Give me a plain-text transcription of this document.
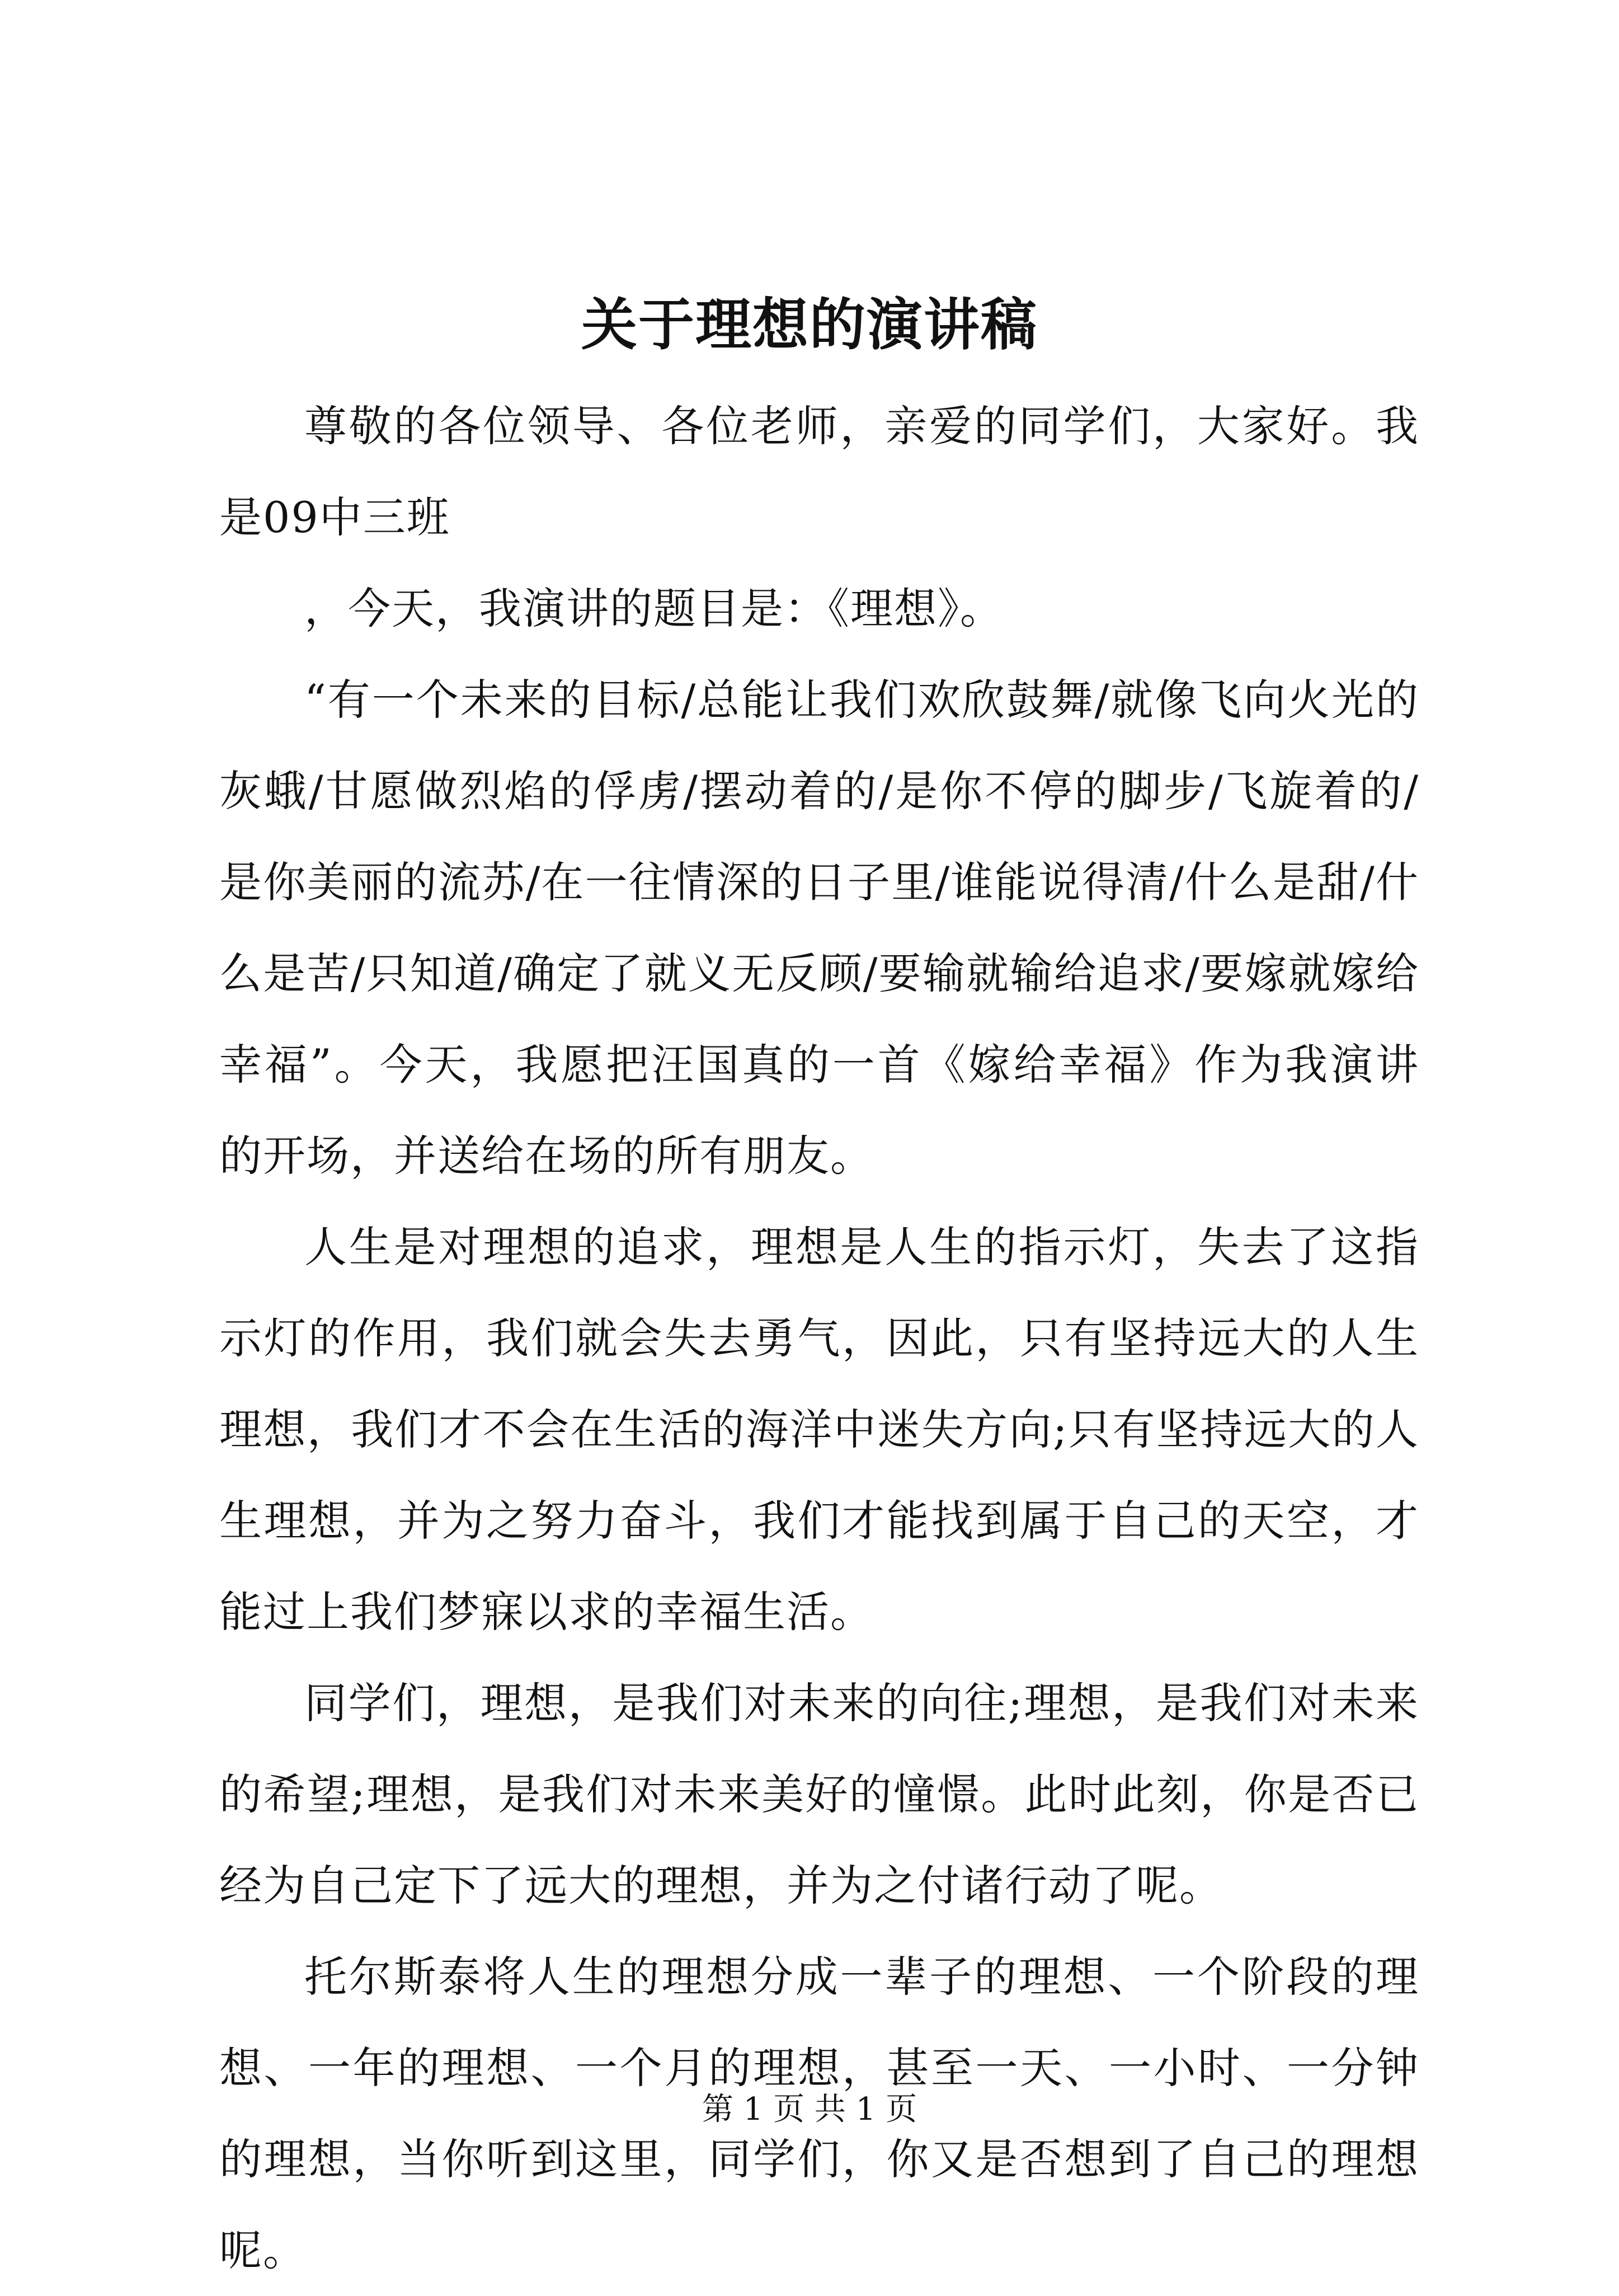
关于理想的演讲稿

尊敬的各位领导、各位老师，亲爱的同学们，大家好。我是09中三班

，今天，我演讲的题目是：《理想》。

“有一个未来的目标/总能让我们欢欣鼓舞/就像飞向火光的灰蛾/甘愿做烈焰的俘虏/摆动着的/是你不停的脚步/飞旋着的/是你美丽的流苏/在一往情深的日子里/谁能说得清/什么是甜/什么是苦/只知道/确定了就义无反顾/要输就输给追求/要嫁就嫁给幸福”。今天，我愿把汪国真的一首《嫁给幸福》作为我演讲的开场，并送给在场的所有朋友。

人生是对理想的追求，理想是人生的指示灯，失去了这指示灯的作用，我们就会失去勇气，因此，只有坚持远大的人生理想，我们才不会在生活的海洋中迷失方向;只有坚持远大的人生理想，并为之努力奋斗，我们才能找到属于自己的天空，才能过上我们梦寐以求的幸福生活。

同学们，理想，是我们对未来的向往;理想，是我们对未来的希望;理想，是我们对未来美好的憧憬。此时此刻，你是否已经为自己定下了远大的理想，并为之付诸行动了呢。

托尔斯泰将人生的理想分成一辈子的理想、一个阶段的理想、一年的理想、一个月的理想，甚至一天、一小时、一分钟的理想，当你听到这里，同学们，你又是否想到了自己的理想呢。

第 1 页 共 1 页
